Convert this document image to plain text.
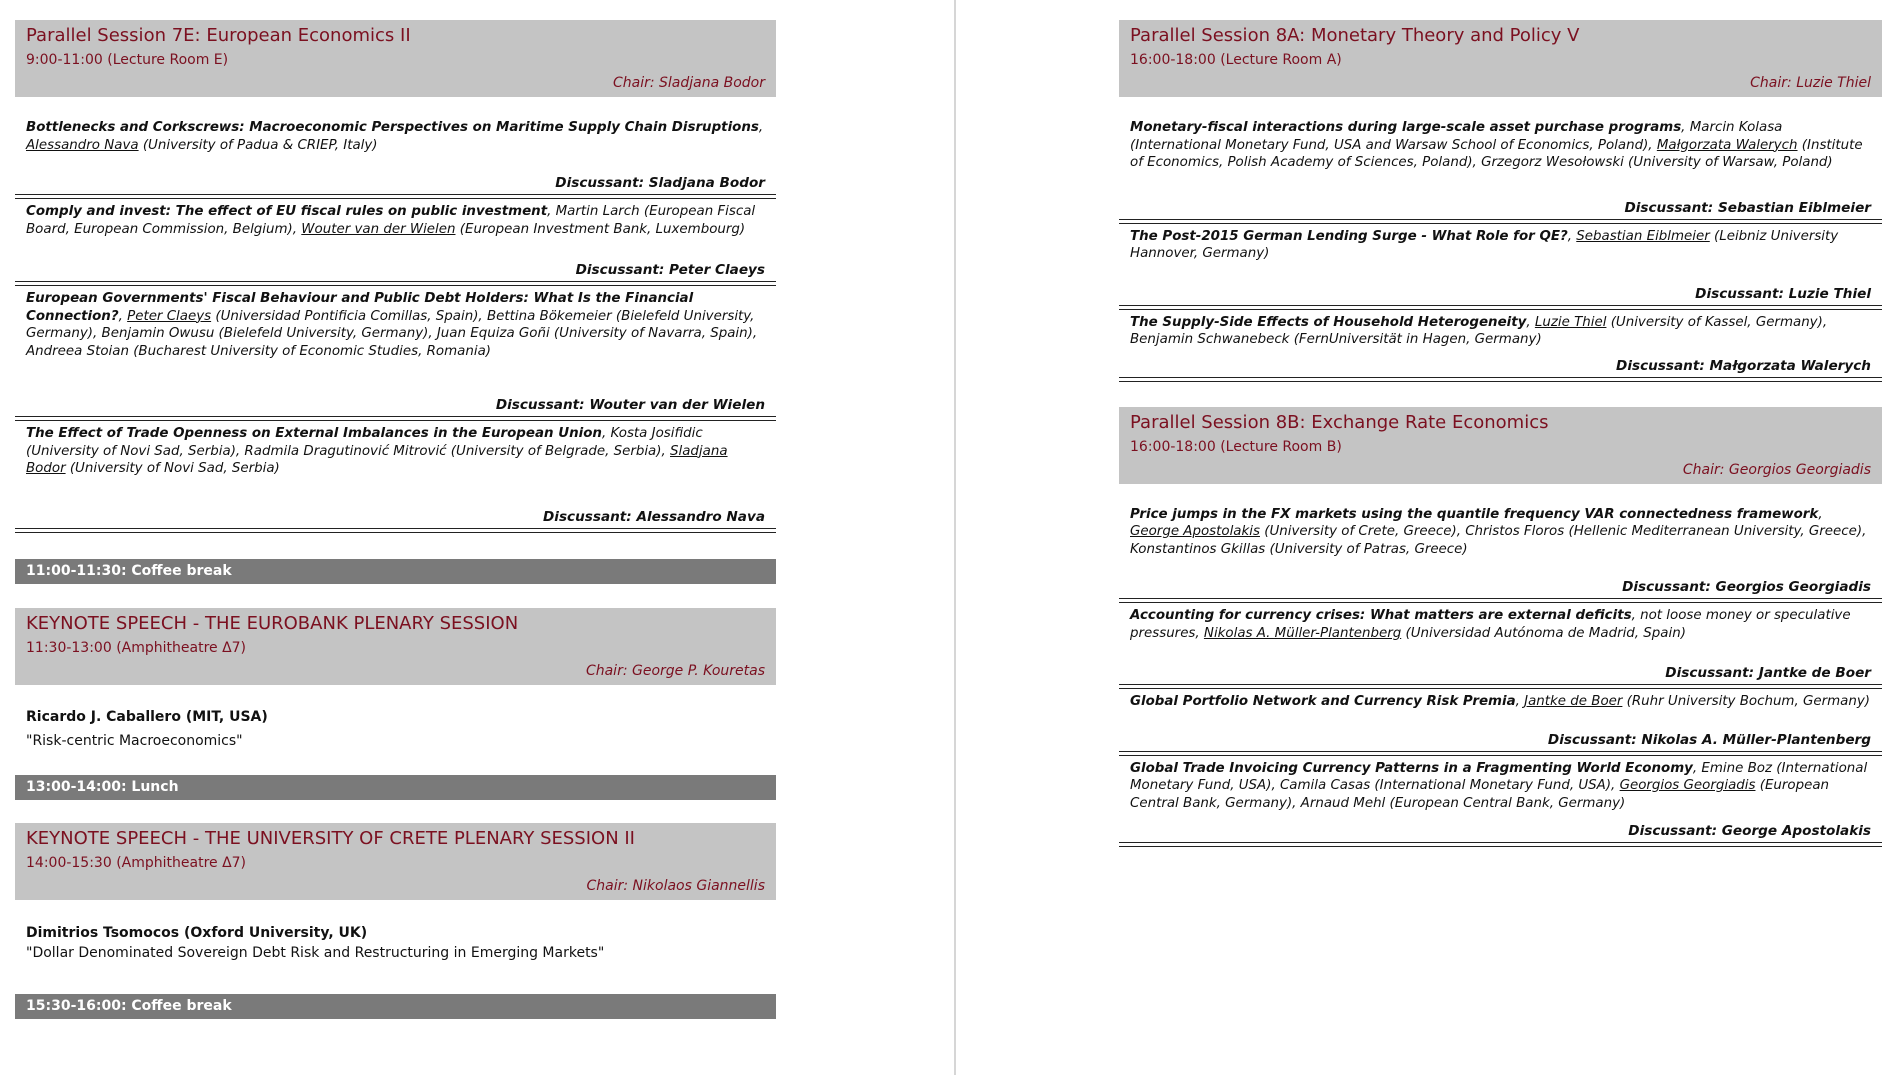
Parallel Session 7E: European Economics II
9:00-11:00 (Lecture Room E)
Chair: Sladjana Bodor
Bottlenecks and Corkscrews: Macroeconomic Perspectives on Maritime Supply Chain Disruptions, Alessandro Nava (University of Padua & CRIEP, Italy)
Discussant: Sladjana Bodor
Comply and invest: The effect of EU fiscal rules on public investment, Martin Larch (European Fiscal Board, European Commission, Belgium), Wouter van der Wielen (European Investment Bank, Luxembourg)
Discussant: Peter Claeys
European Governments' Fiscal Behaviour and Public Debt Holders: What Is the Financial Connection?, Peter Claeys (Universidad Pontificia Comillas, Spain), Bettina Bökemeier (Bielefeld University, Germany), Benjamin Owusu (Bielefeld University, Germany), Juan Equiza Goñi (University of Navarra, Spain), Andreea Stoian (Bucharest University of Economic Studies, Romania)
Discussant: Wouter van der Wielen
The Effect of Trade Openness on External Imbalances in the European Union, Kosta Josifidic (University of Novi Sad, Serbia), Radmila Dragutinović Mitrović (University of Belgrade, Serbia), Sladjana Bodor (University of Novi Sad, Serbia)
Discussant: Alessandro Nava
11:00-11:30: Coffee break
KEYNOTE SPEECH - THE EUROBANK PLENARY SESSION
11:30-13:00 (Amphitheatre Δ7)
Chair: George P. Kouretas
Ricardo J. Caballero (MIT, USA)
"Risk-centric Macroeconomics"
13:00-14:00: Lunch
KEYNOTE SPEECH - THE UNIVERSITY OF CRETE PLENARY SESSION II
14:00-15:30 (Amphitheatre Δ7)
Chair: Nikolaos Giannellis
Dimitrios Tsomocos (Oxford University, UK)
"Dollar Denominated Sovereign Debt Risk and Restructuring in Emerging Markets"
15:30-16:00: Coffee break
Parallel Session 8A: Monetary Theory and Policy V
16:00-18:00 (Lecture Room A)
Chair: Luzie Thiel
Monetary-fiscal interactions during large-scale asset purchase programs, Marcin Kolasa (International Monetary Fund, USA and Warsaw School of Economics, Poland), Małgorzata Walerych (Institute of Economics, Polish Academy of Sciences, Poland), Grzegorz Wesołowski (University of Warsaw, Poland)
Discussant: Sebastian Eiblmeier
The Post-2015 German Lending Surge - What Role for QE?, Sebastian Eiblmeier (Leibniz University Hannover, Germany)
Discussant: Luzie Thiel
The Supply-Side Effects of Household Heterogeneity, Luzie Thiel (University of Kassel, Germany), Benjamin Schwanebeck (FernUniversität in Hagen, Germany)
Discussant: Małgorzata Walerych
Parallel Session 8B: Exchange Rate Economics
16:00-18:00 (Lecture Room B)
Chair: Georgios Georgiadis
Price jumps in the FX markets using the quantile frequency VAR connectedness framework, George Apostolakis (University of Crete, Greece), Christos Floros (Hellenic Mediterranean University, Greece), Konstantinos Gkillas (University of Patras, Greece)
Discussant: Georgios Georgiadis
Accounting for currency crises: What matters are external deficits, not loose money or speculative pressures, Nikolas A. Müller-Plantenberg (Universidad Autónoma de Madrid, Spain)
Discussant: Jantke de Boer
Global Portfolio Network and Currency Risk Premia, Jantke de Boer (Ruhr University Bochum, Germany)
Discussant: Nikolas A. Müller-Plantenberg
Global Trade Invoicing Currency Patterns in a Fragmenting World Economy, Emine Boz (International Monetary Fund, USA), Camila Casas (International Monetary Fund, USA), Georgios Georgiadis (European Central Bank, Germany), Arnaud Mehl (European Central Bank, Germany)
Discussant: George Apostolakis
